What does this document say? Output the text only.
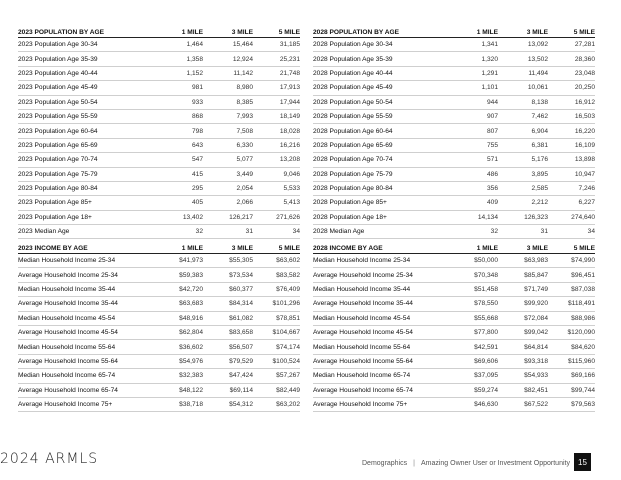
2023 POPULATION BY AGE	1 MILE	3 MILE	5 MILE
2023 Population Age 30-34	1,464	15,464	31,185
2023 Population Age 35-39	1,358	12,924	25,231
2023 Population Age 40-44	1,152	11,142	21,748
2023 Population Age 45-49	981	8,980	17,913
2023 Population Age 50-54	933	8,385	17,944
2023 Population Age 55-59	868	7,993	18,149
2023 Population Age 60-64	798	7,508	18,028
2023 Population Age 65-69	643	6,330	16,216
2023 Population Age 70-74	547	5,077	13,208
2023 Population Age 75-79	415	3,449	9,046
2023 Population Age 80-84	295	2,054	5,533
2023 Population Age 85+	405	2,066	5,413
2023 Population Age 18+	13,402	126,217	271,626
2023 Median Age	32	31	34
2028 POPULATION BY AGE	1 MILE	3 MILE	5 MILE
2028 Population Age 30-34	1,341	13,092	27,281
2028 Population Age 35-39	1,320	13,502	28,360
2028 Population Age 40-44	1,291	11,494	23,048
2028 Population Age 45-49	1,101	10,061	20,250
2028 Population Age 50-54	944	8,138	16,912
2028 Population Age 55-59	907	7,462	16,503
2028 Population Age 60-64	807	6,904	16,220
2028 Population Age 65-69	755	6,381	16,109
2028 Population Age 70-74	571	5,176	13,898
2028 Population Age 75-79	486	3,895	10,947
2028 Population Age 80-84	356	2,585	7,246
2028 Population Age 85+	409	2,212	6,227
2028 Population Age 18+	14,134	126,323	274,640
2028 Median Age	32	31	34
2023 INCOME BY AGE	1 MILE	3 MILE	5 MILE
Median Household Income 25-34	$41,973	$55,305	$63,602
Average Household Income 25-34	$59,383	$73,534	$83,582
Median Household Income 35-44	$42,720	$60,377	$76,409
Average Household Income 35-44	$63,683	$84,314	$101,296
Median Household Income 45-54	$48,916	$61,082	$78,851
Average Household Income 45-54	$62,804	$83,658	$104,667
Median Household Income 55-64	$36,602	$56,507	$74,174
Average Household Income 55-64	$54,976	$79,529	$100,524
Median Household Income 65-74	$32,383	$47,424	$57,267
Average Household Income 65-74	$48,122	$69,114	$82,449
Average Household Income 75+	$38,718	$54,312	$63,202
2028 INCOME BY AGE	1 MILE	3 MILE	5 MILE
Median Household Income 25-34	$50,000	$63,983	$74,990
Average Household Income 25-34	$70,348	$85,847	$96,451
Median Household Income 35-44	$51,458	$71,749	$87,038
Average Household Income 35-44	$78,550	$99,920	$118,491
Median Household Income 45-54	$55,668	$72,084	$88,986
Average Household Income 45-54	$77,800	$99,042	$120,090
Median Household Income 55-64	$42,591	$64,814	$84,620
Average Household Income 55-64	$69,606	$93,318	$115,960
Median Household Income 65-74	$37,095	$54,933	$69,166
Average Household Income 65-74	$59,274	$82,451	$99,744
Average Household Income 75+	$46,630	$67,522	$79,563
2024 ARMLS	Demographics | Amazing Owner User or Investment Opportunity	15
